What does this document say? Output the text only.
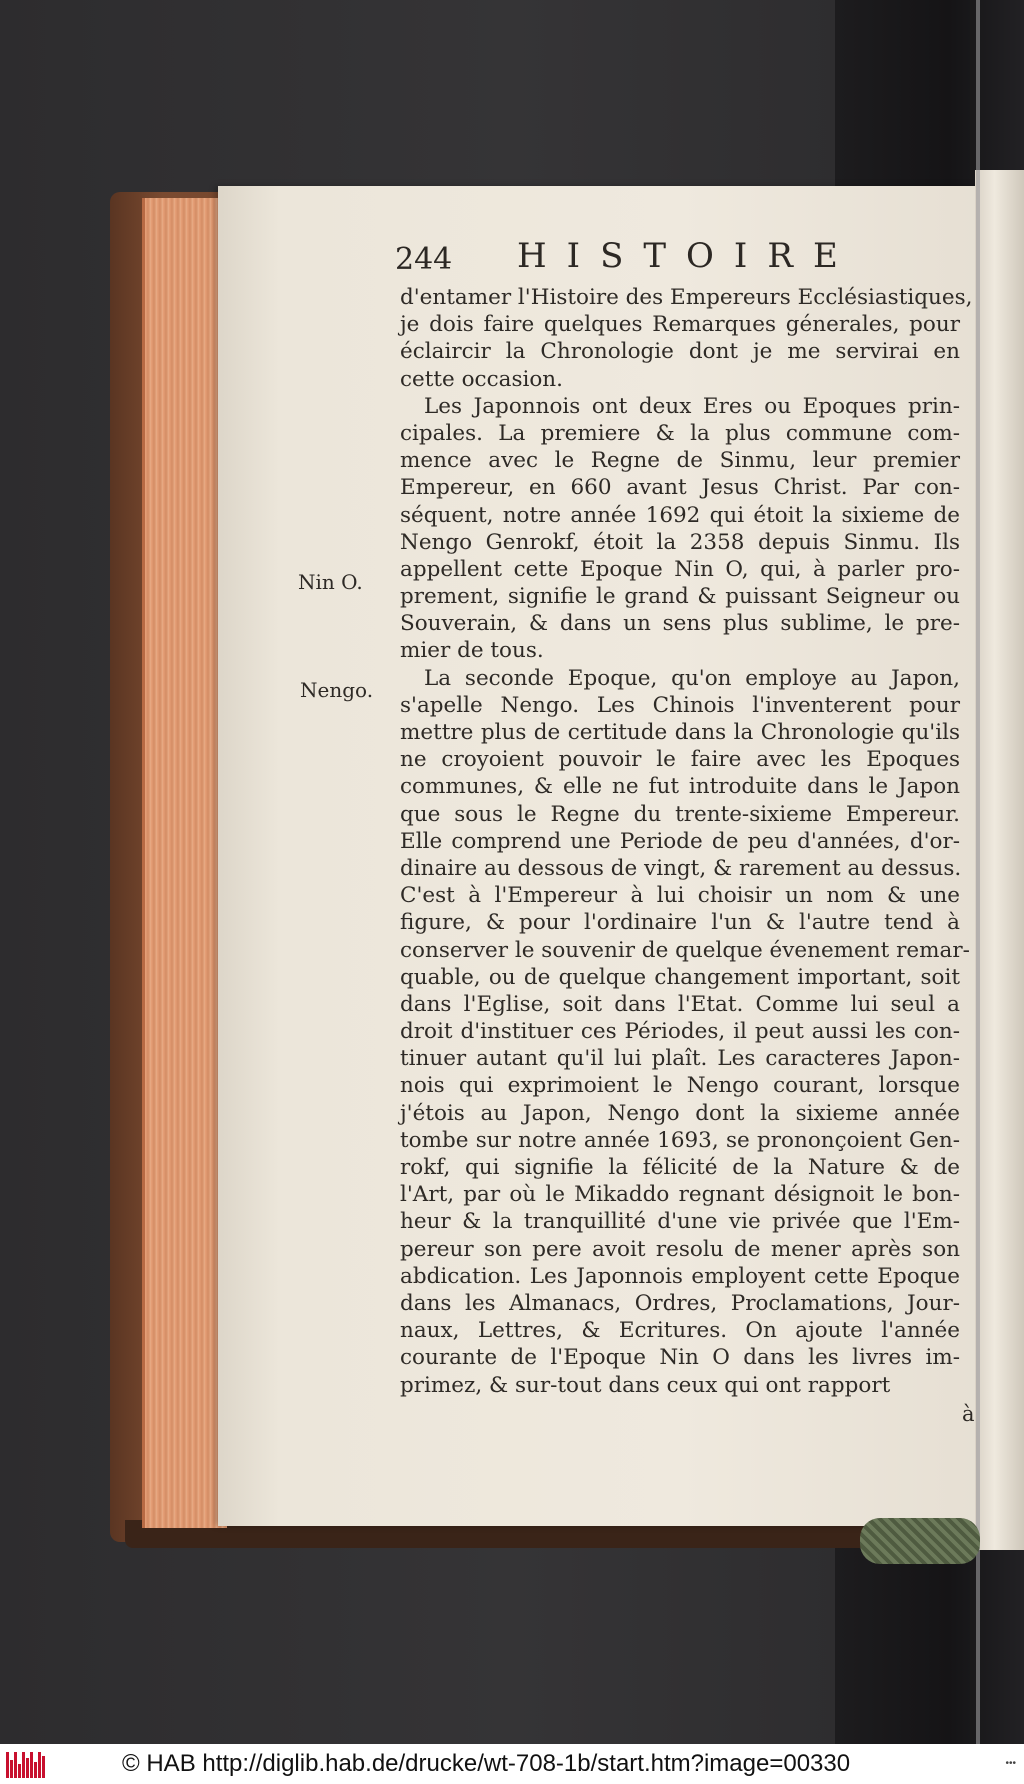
244 HISTOIRE
Nin O.
Nengo.
d'entamer l'Histoire des Empereurs Ecclésiastiques,
je dois faire quelques Remarques génerales, pour
éclaircir la Chronologie dont je me servirai en
cette occasion.
Les Japonnois ont deux Eres ou Epoques prin-
cipales. La premiere & la plus commune com-
mence avec le Regne de Sinmu, leur premier
Empereur, en 660 avant Jesus Christ. Par con-
séquent, notre année 1692 qui étoit la sixieme de
Nengo Genrokf, étoit la 2358 depuis Sinmu. Ils
appellent cette Epoque Nin O, qui, à parler pro-
prement, signifie le grand & puissant Seigneur ou
Souverain, & dans un sens plus sublime, le pre-
mier de tous.
La seconde Epoque, qu'on employe au Japon,
s'apelle Nengo. Les Chinois l'inventerent pour
mettre plus de certitude dans la Chronologie qu'ils
ne croyoient pouvoir le faire avec les Epoques
communes, & elle ne fut introduite dans le Japon
que sous le Regne du trente-sixieme Empereur.
Elle comprend une Periode de peu d'années, d'or-
dinaire au dessous de vingt, & rarement au dessus.
C'est à l'Empereur à lui choisir un nom & une
figure, & pour l'ordinaire l'un & l'autre tend à
conserver le souvenir de quelque évenement remar-
quable, ou de quelque changement important, soit
dans l'Eglise, soit dans l'Etat. Comme lui seul a
droit d'instituer ces Périodes, il peut aussi les con-
tinuer autant qu'il lui plaît. Les caracteres Japon-
nois qui exprimoient le Nengo courant, lorsque
j'étois au Japon, Nengo dont la sixieme année
tombe sur notre année 1693, se prononçoient Gen-
rokf, qui signifie la félicité de la Nature & de
l'Art, par où le Mikaddo regnant désignoit le bon-
heur & la tranquillité d'une vie privée que l'Em-
pereur son pere avoit resolu de mener après son
abdication. Les Japonnois employent cette Epoque
dans les Almanacs, Ordres, Proclamations, Jour-
naux, Lettres, & Ecritures. On ajoute l'année
courante de l'Epoque Nin O dans les livres im-
primez, & sur-tout dans ceux qui ont rapport
à
© HAB http://diglib.hab.de/drucke/wt-708-1b/start.htm?image=00330	•••
